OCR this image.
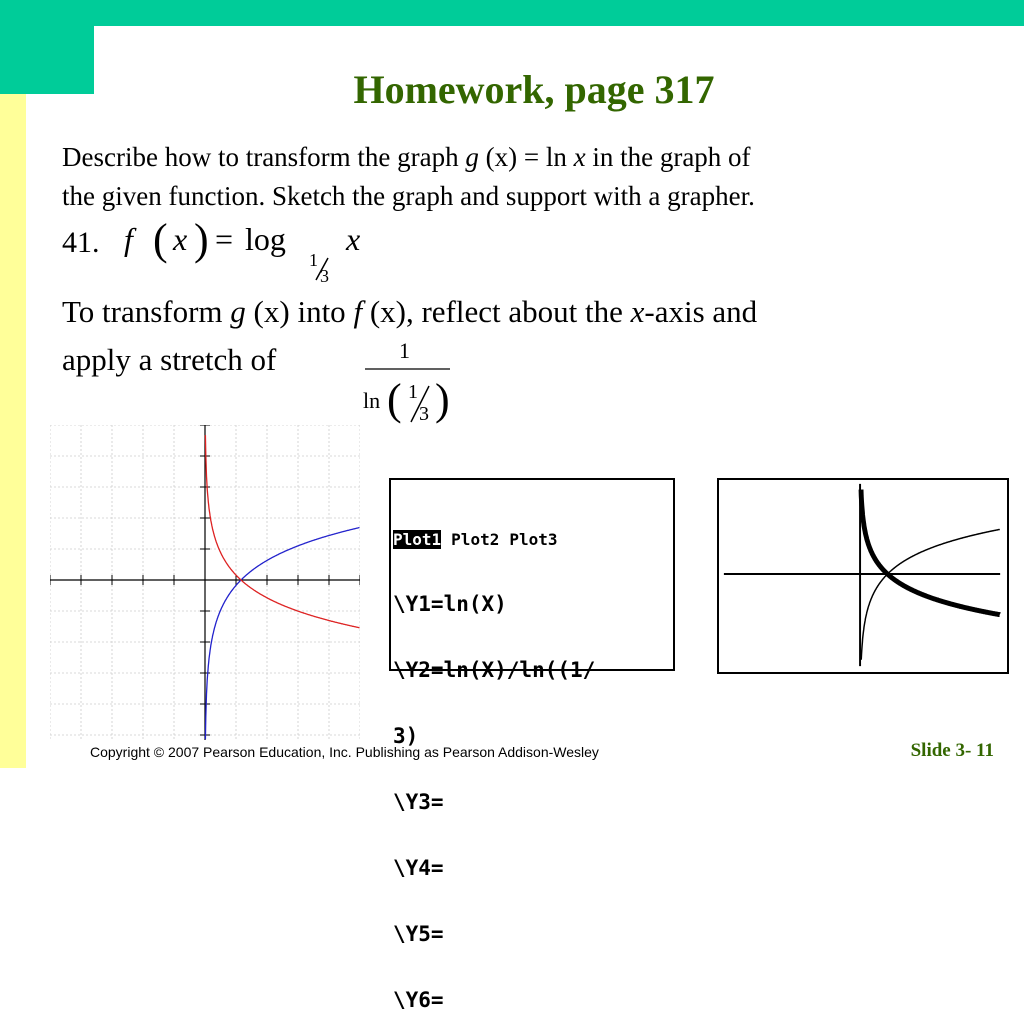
Homework, page 317
Describe how to transform the graph g (x) = ln x in the graph of
the given function. Sketch the graph and support with a grapher.
41. f ( x ) = log
1
3
x
To transform g (x) into f (x), reflect about the x-axis and
apply a stretch of	1
ln ( 1
3 )

Plot1 Plot2 Plot3

\Y1=ln(X)

\Y2=ln(X)/ln((1/

3)

\Y3=

\Y4=

\Y5=

\Y6=

Copyright © 2007 Pearson Education, Inc. Publishing as Pearson Addison-Wesley	Slide 3- 11
